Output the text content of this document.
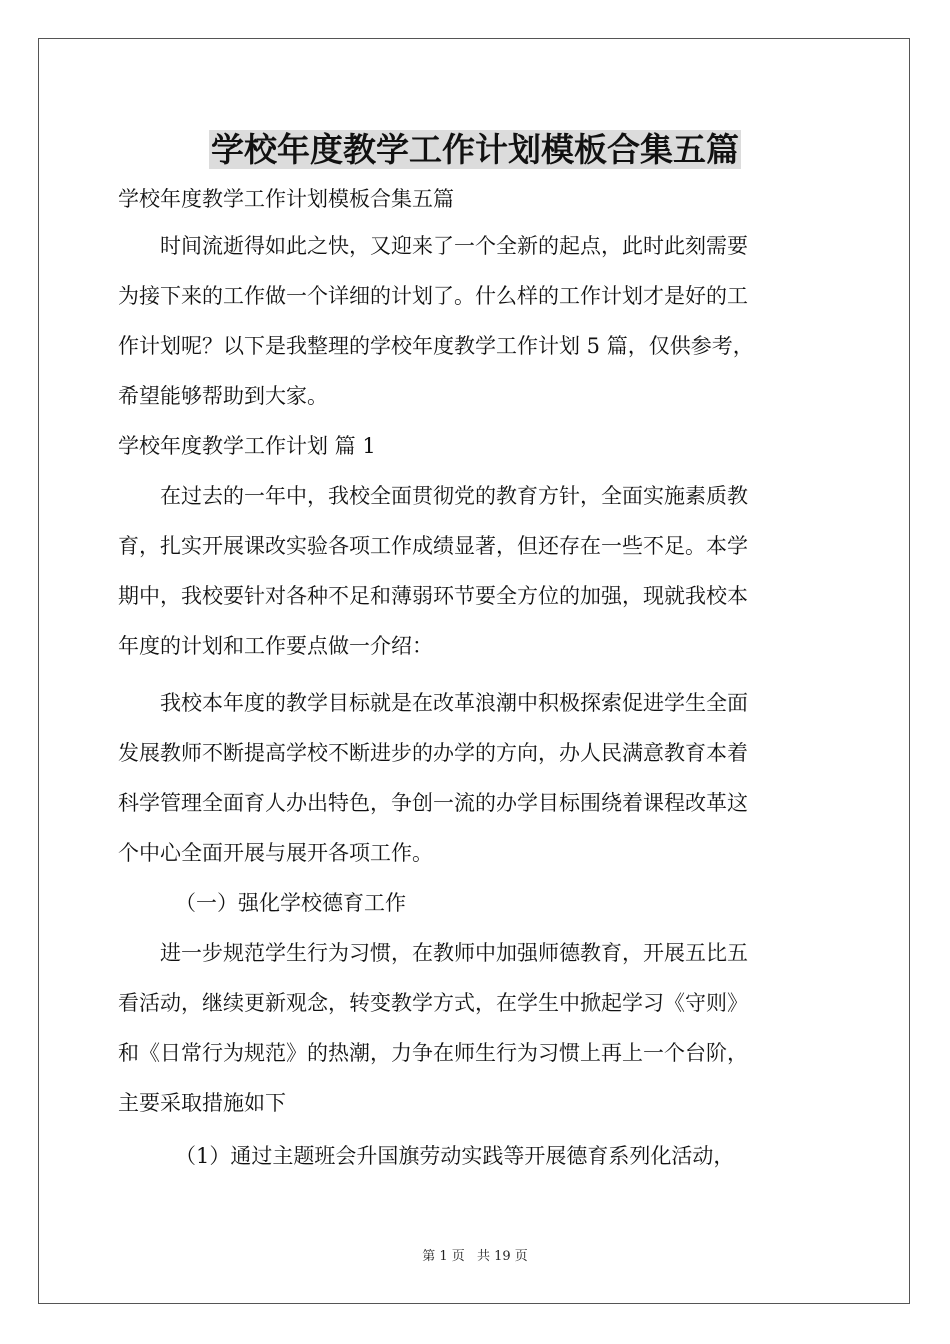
学校年度教学工作计划模板合集五篇
学校年度教学工作计划模板合集五篇
时间流逝得如此之快，又迎来了一个全新的起点，此时此刻需要
为接下来的工作做一个详细的计划了。什么样的工作计划才是好的工
作计划呢？以下是我整理的学校年度教学工作计划 5 篇，仅供参考，
希望能够帮助到大家。
学校年度教学工作计划 篇 1
在过去的一年中，我校全面贯彻党的教育方针，全面实施素质教
育，扎实开展课改实验各项工作成绩显著，但还存在一些不足。本学
期中，我校要针对各种不足和薄弱环节要全方位的加强，现就我校本
年度的计划和工作要点做一介绍：
我校本年度的教学目标就是在改革浪潮中积极探索促进学生全面
发展教师不断提高学校不断进步的办学的方向，办人民满意教育本着
科学管理全面育人办出特色，争创一流的办学目标围绕着课程改革这
个中心全面开展与展开各项工作。
（一）强化学校德育工作
进一步规范学生行为习惯，在教师中加强师德教育，开展五比五
看活动，继续更新观念，转变教学方式，在学生中掀起学习《守则》
和《日常行为规范》的热潮，力争在师生行为习惯上再上一个台阶，
主要采取措施如下
（1）通过主题班会升国旗劳动实践等开展德育系列化活动，
第 1 页 共 19 页
